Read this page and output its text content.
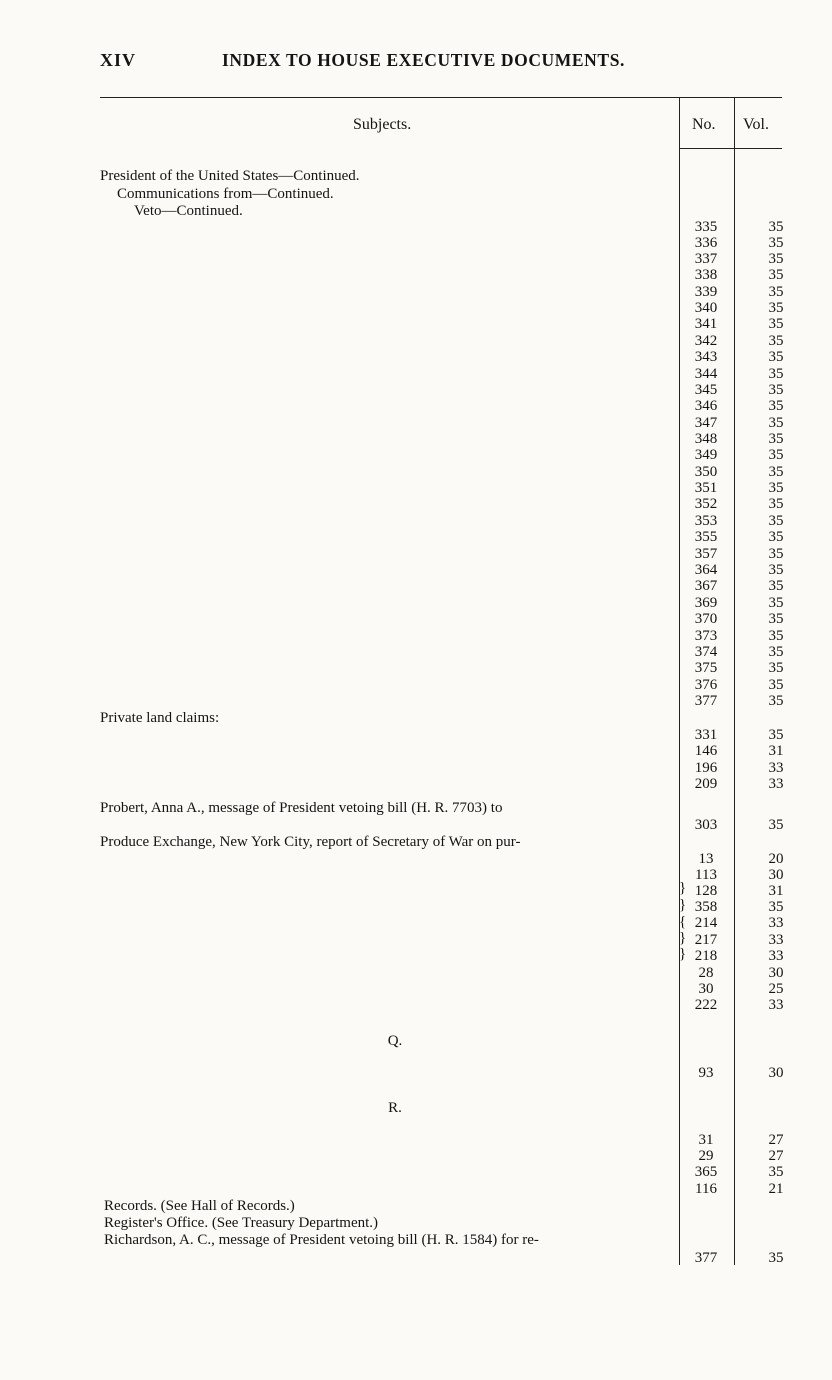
XIV	INDEX TO HOUSE EXECUTIVE DOCUMENTS.
Subjects.	No. Vol.
President of the United States—Continued.
Communications from—Continued.
Veto—Continued.
335	35
336	35
337	35
338	35
339	35
340	35
341	35
342	35
343	35
344	35
345	35
346	35
347	35
348	35
349	35
350	35
351	35
352	35
353	35
355	35
357	35
364	35
367	35
369	35
370	35
373	35
374	35
375	35
376	35
377	35
Private land claims:
331	35
146	31
196	33
209	33
Probert, Anna A., message of President vetoing bill (H. R. 7703) to
303	35
Produce Exchange, New York City, report of Secretary of War on pur-
13	20
113	30
128	31
358	35
214	33
217	33
218	33
}
}
{
}
}
28	30
30	25
222	33
Q.
93	30
R.
31	27
29	27
365	35
116	21
Records. (See Hall of Records.)
Register's Office. (See Treasury Department.)
Richardson, A. C., message of President vetoing bill (H. R. 1584) for re-
377	35
